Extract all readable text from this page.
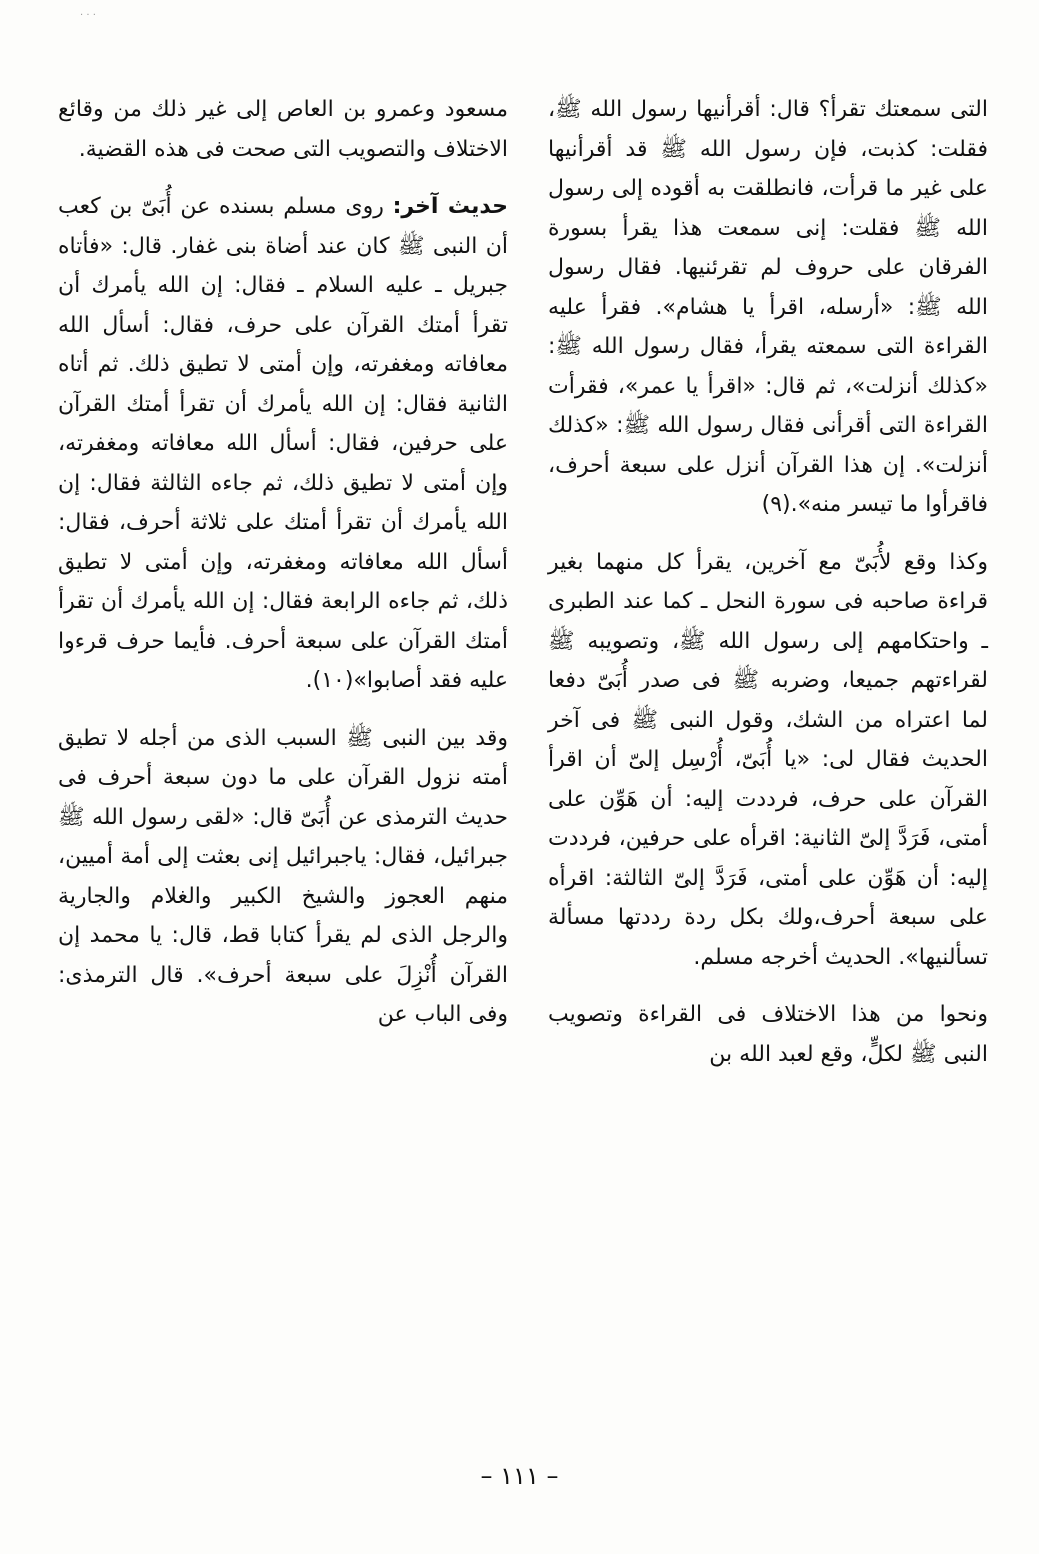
· · ·

التى سمعتك تقرأ؟ قال: أقرأنيها رسول الله ﷺ، فقلت: كذبت، فإن رسول الله ﷺ قد أقرأنيها على غير ما قرأت، فانطلقت به أقوده إلى رسول الله ﷺ فقلت: إنى سمعت هذا يقرأ بسورة الفرقان على حروف لم تقرئنيها. فقال رسول الله ﷺ: «أرسله، اقرأ يا هشام». فقرأ عليه القراءة التى سمعته يقرأ، فقال رسول الله ﷺ: «كذلك أنزلت»، ثم قال: «اقرأ يا عمر»، فقرأت القراءة التى أقرأنى فقال رسول الله ﷺ: «كذلك أنزلت». إن هذا القرآن أنزل على سبعة أحرف، فاقرأوا ما تيسر منه».(٩)

وكذا وقع لأُبَىّ مع آخرين، يقرأ كل منهما بغير قراءة صاحبه فى سورة النحل ـ كما عند الطبرى ـ واحتكامهم إلى رسول الله ﷺ، وتصويبه ﷺ لقراءتهم جميعا، وضربه ﷺ فى صدر أُبَىّ دفعا لما اعتراه من الشك، وقول النبى ﷺ فى آخر الحديث فقال لى: «يا أُبَىّ، أُرْسِل إلىّ أن اقرأ القرآن على حرف، فرددت إليه: أن هَوِّن على أمتى، فَرَدَّ إلىّ الثانية: اقرأه على حرفين، فرددت إليه: أن هَوِّن على أمتى، فَرَدَّ إلىّ الثالثة: اقرأه على سبعة أحرف،ولك بكل ردة رددتها مسألة تسألنيها». الحديث أخرجه مسلم.

ونحوا من هذا الاختلاف فى القراءة وتصويب النبى ﷺ لكلٍّ، وقع لعبد الله بن

مسعود وعمرو بن العاص إلى غير ذلك من وقائع الاختلاف والتصويب التى صحت فى هذه القضية.

حديث آخر: روى مسلم بسنده عن أُبَىّ بن كعب أن النبى ﷺ كان عند أضاة بنى غفار. قال: «فأتاه جبريل ـ عليه السلام ـ فقال: إن الله يأمرك أن تقرأ أمتك القرآن على حرف، فقال: أسأل الله معافاته ومغفرته، وإن أمتى لا تطيق ذلك. ثم أتاه الثانية فقال: إن الله يأمرك أن تقرأ أمتك القرآن على حرفين، فقال: أسأل الله معافاته ومغفرته، وإن أمتى لا تطيق ذلك، ثم جاءه الثالثة فقال: إن الله يأمرك أن تقرأ أمتك على ثلاثة أحرف، فقال: أسأل الله معافاته ومغفرته، وإن أمتى لا تطيق ذلك، ثم جاءه الرابعة فقال: إن الله يأمرك أن تقرأ أمتك القرآن على سبعة أحرف. فأيما حرف قرءوا عليه فقد أصابوا»(١٠).

وقد بين النبى ﷺ السبب الذى من أجله لا تطيق أمته نزول القرآن على ما دون سبعة أحرف فى حديث الترمذى عن أُبَىّ قال: «لقى رسول الله ﷺ جبرائيل، فقال: ياجبرائيل إنى بعثت إلى أمة أميين، منهم العجوز والشيخ الكبير والغلام والجارية والرجل الذى لم يقرأ كتابا قط، قال: يا محمد إن القرآن أُنْزِلَ على سبعة أحرف». قال الترمذى: وفى الباب عن

– ١١١ –
